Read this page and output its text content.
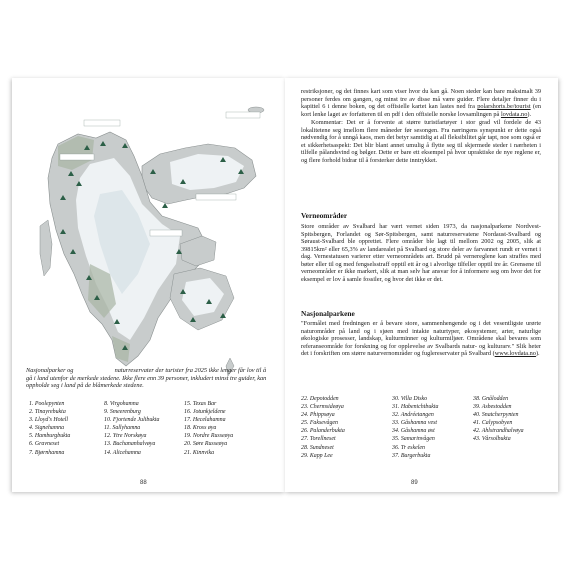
Nasjonalparker og	naturreservater der turister fra 2025 ikke lenger får lov til å gå i land utenfor de merkede stedene. Ikke flere enn 39 personer, inkludert minst tre guider, kan oppholde seg i land på de blåmerkede stedene.
1. Poolepynten
2. Tinayrebukta
3. Lloyd's Hotell
4. Signehamna
5. Hamburgbukta
6. Gravneset
7. Bjørnhamna
8. Virgohamna
9. Smeerenburg
10. Fjortende Julibukta
11. Sallyhamna
12. Ytre Norskøya
13. Buchananhalvøya
14. Alicehamna
15. Texas Bar
16. Jotunkjeldene
17. Hecelahamna
18. Kross øya
19. Nordre Russeøya
20. Søre Russeøya
21. Kinnvika
88

restriksjoner, og det finnes kart som viser hvor du kan gå. Noen steder kan bare maksimalt 39 personer ferdes om gangen, og minst tre av disse må være guider. Flere detaljer finner du i kapittel 6 i denne boken, og det offisielle kartet kan lastes ned fra polarshorts.be/tourist (en kort lenke laget av forfatteren til en pdf i den offisielle norske lovsamlingen på lovdata.no).

Kommentar: Det er å forvente at større turistfartøyer i stor grad vil fordele de 43 lokalitetene seg imellom flere måneder før sesongen. Fra næringens synspunkt er dette også nødvendig for å unngå kaos, men det betyr samtidig at all fleksibilitet går tapt, noe som også er et sikkerhetsaspekt: Det blir blant annet umulig å flytte seg til skjermede steder i nærheten i tilfelle pålandsvind og bølger. Dette er bare ett eksempel på hvor upraktiske de nye reglene er, og flere forhold bidrar til å forsterker dette inntrykket.

Verneområder

Store områder av Svalbard har vært vernet siden 1973, da nasjonalparkene Nordvest-Spitsbergen, Forlandet og Sør-Spitsbergen, samt naturreservatene Nordaust-Svalbard og Søraust-Svalbard ble opprettet. Flere områder ble lagt til mellom 2002 og 2005, slik at 39815km² eller 65,3% av landarealet på Svalbard og store deler av farvannet rundt er vernet i dag. Vernestatusen varierer etter verneområdets art. Brudd på vernereglene kan straffes med bøter eller til og med fengselsstraff opptil ett år og i alvorlige tilfeller opptil tre år. Grensene til verneområder er ikke markert, slik at man selv har ansvar for å informere seg om hvor det for eksempel er lov å samle fossiler, og hvor det ikke er det.

Nasjonalparkene

"Formålet med fredningen er å bevare store, sammenhengende og i det vesentligste urørte naturområder på land og i sjøen med intakte naturtyper, økosystemer, arter, naturlige økologiske prosesser, landskap, kulturminner og kulturmiljøer. Områdene skal bevares som referanseområde for forskning og for opplevelse av Svalbards natur- og kulturarv." Slik heter det i forskriften om større naturvernområder og fuglereservater på Svalbard (www.lovdata.no).

22. Depotodden
23. Chermsideøya
24. Phippsøya
25. Faksevågen
26. Palanderbukta
27. Torellneset
28. Sundneset
29. Kapp Lee
30. Villa Disko
31. Habenichtbukta
32. Andréetangen
33. Gåshamna vest
34. Gåshamna øst
35. Samarinvågen
36. Tr eskelen
37. Burgerbukta
38. Gnålodden
39. Asbestodden
40. Snatcherpynten
41. Calypsobyen
42. Ahlstrandhalvøya
43. Vårsolbukta
89
